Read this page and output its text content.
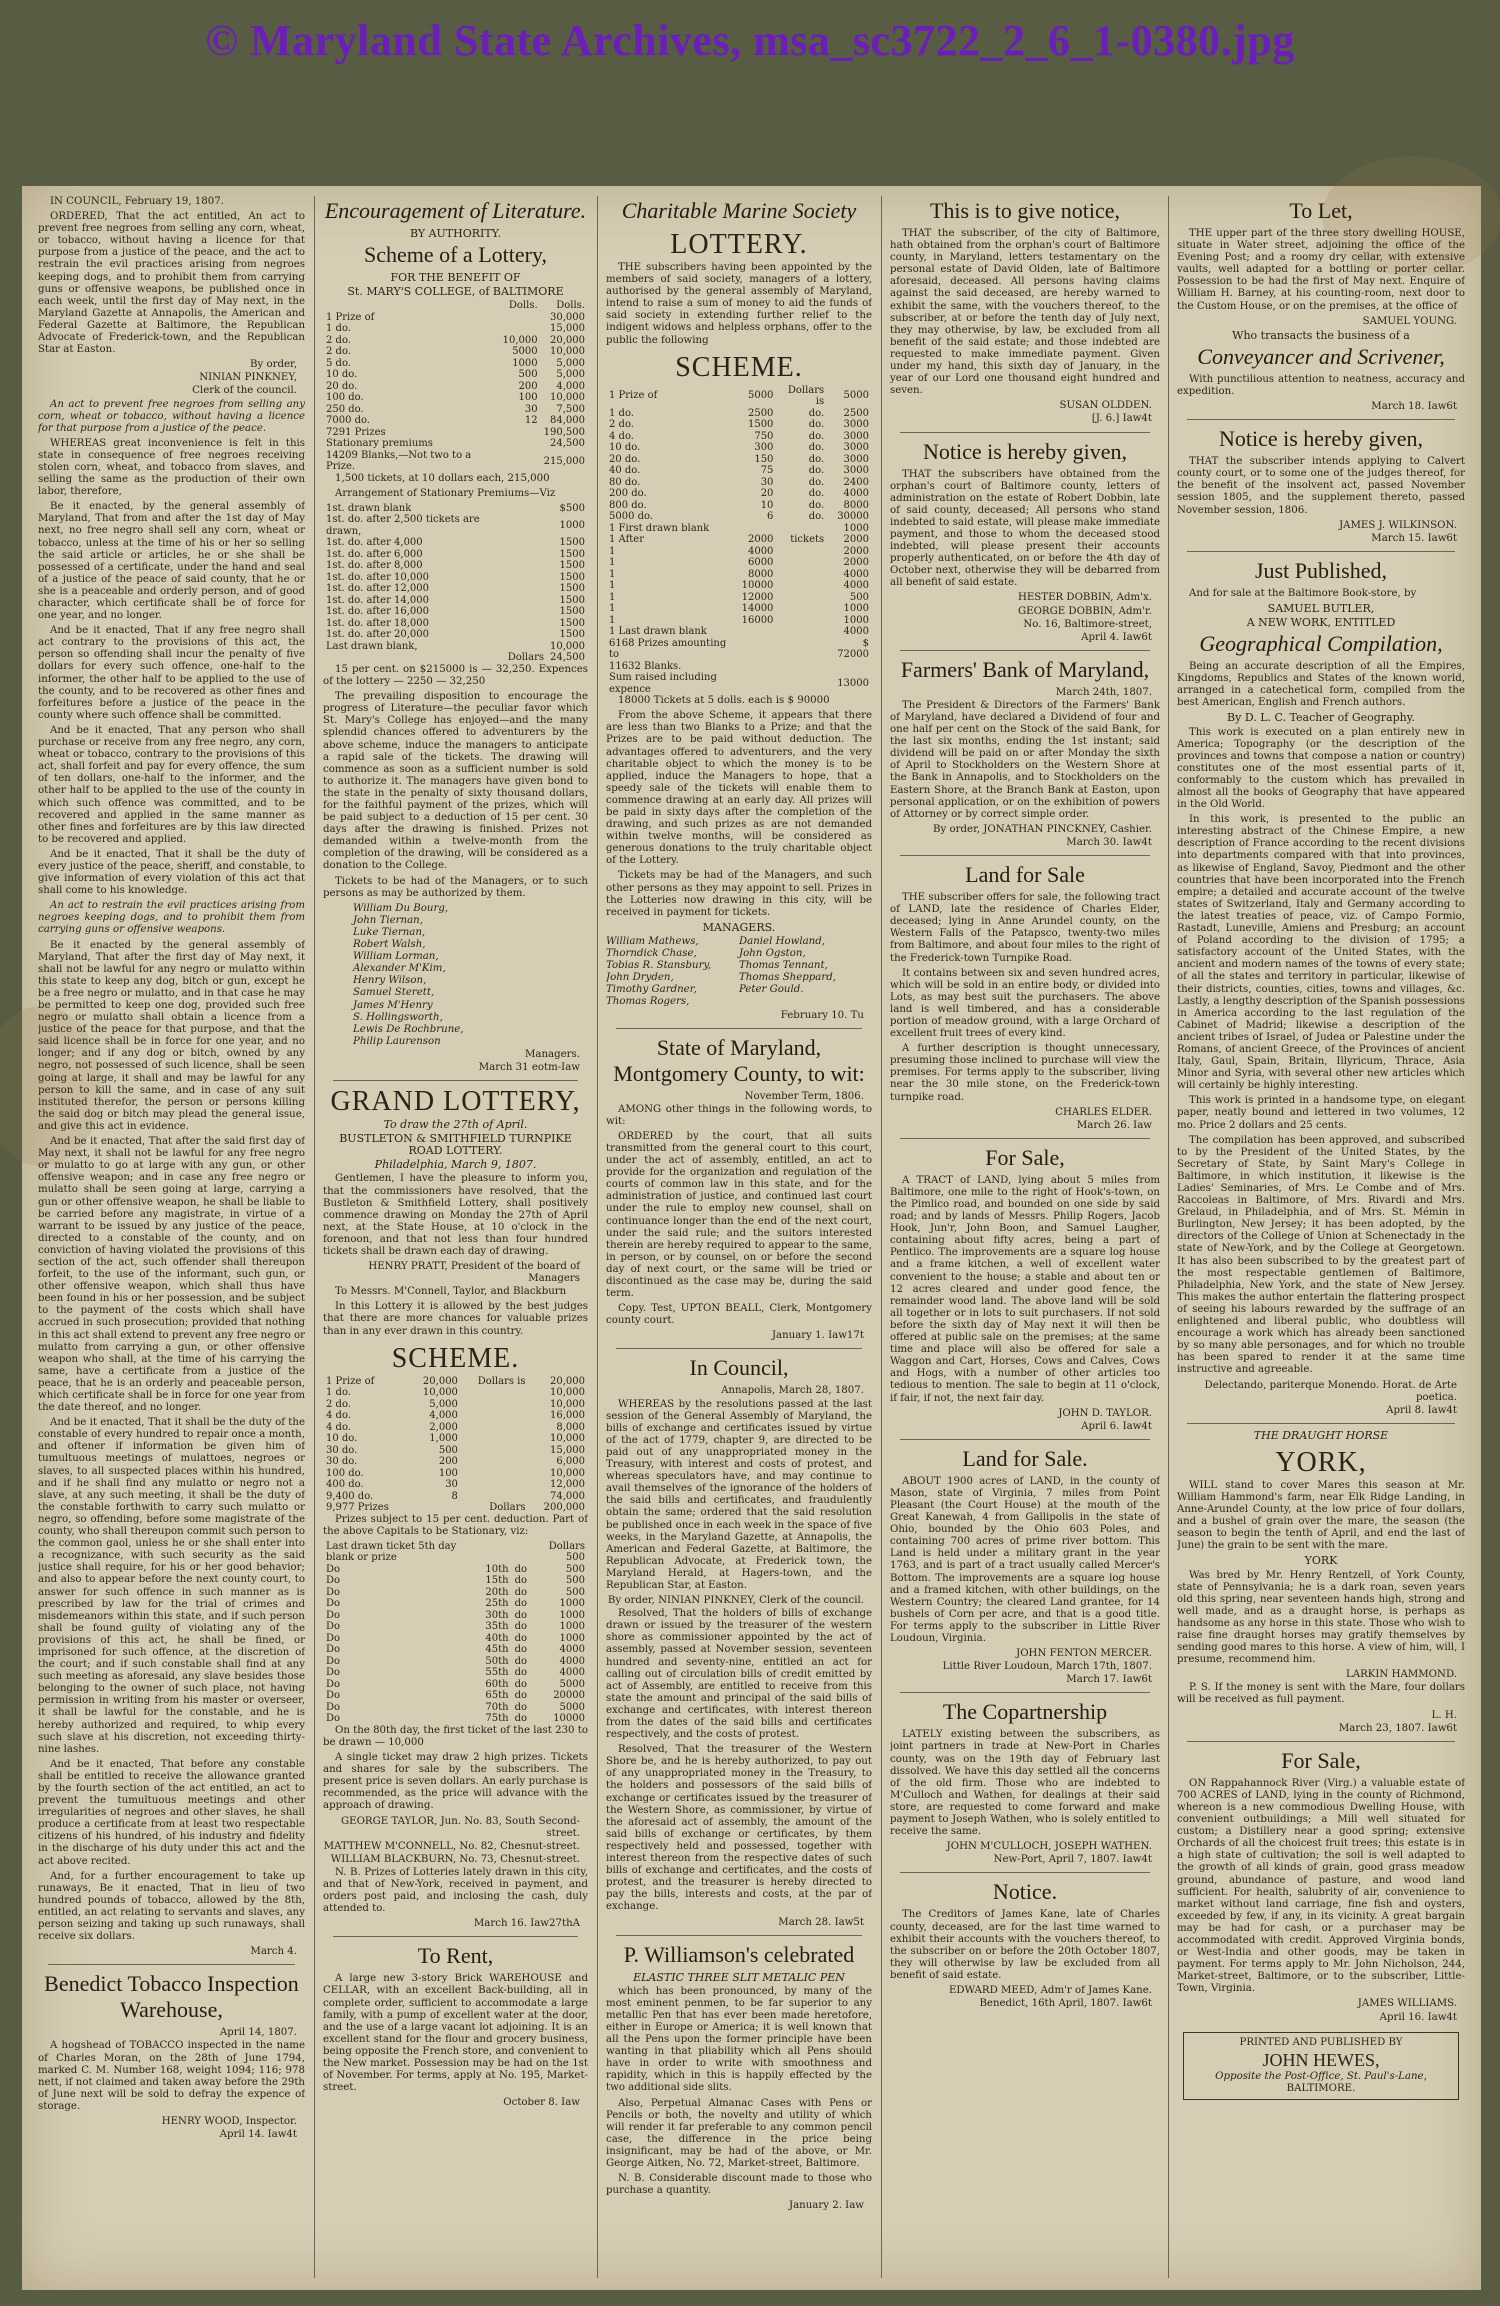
© Maryland State Archives, msa_sc3722_2_6_1-0380.jpg

IN COUNCIL, February 19, 1807.

ORDERED, That the act entitled, An act to prevent free negroes from selling any corn, wheat, or tobacco, without having a licence for that purpose from a justice of the peace, and the act to restrain the evil practices arising from negroes keeping dogs, and to prohibit them from carrying guns or offensive weapons, be published once in each week, until the first day of May next, in the Maryland Gazette at Annapolis, the American and Federal Gazette at Baltimore, the Republican Advocate of Frederick-town, and the Republican Star at Easton.

By order,
NINIAN PINKNEY,
Clerk of the council.

An act to prevent free negroes from selling any corn, wheat or tobacco, without having a licence for that purpose from a justice of the peace.

WHEREAS great inconvenience is felt in this state in consequence of free negroes receiving stolen corn, wheat, and tobacco from slaves, and selling the same as the production of their own labor, therefore,

Be it enacted, by the general assembly of Maryland, That from and after the 1st day of May next, no free negro shall sell any corn, wheat or tobacco, unless at the time of his or her so selling the said article or articles, he or she shall be possessed of a certificate, under the hand and seal of a justice of the peace of said county, that he or she is a peaceable and orderly person, and of good character, which certificate shall be of force for one year, and no longer.

And be it enacted, That if any free negro shall act contrary to the provisions of this act, the person so offending shall incur the penalty of five dollars for every such offence, one-half to the informer, the other half to be applied to the use of the county, and to be recovered as other fines and forfeitures before a justice of the peace in the county where such offence shall be committed.

And be it enacted, That any person who shall purchase or receive from any free negro, any corn, wheat or tobacco, contrary to the provisions of this act, shall forfeit and pay for every offence, the sum of ten dollars, one-half to the informer, and the other half to be applied to the use of the county in which such offence was committed, and to be recovered and applied in the same manner as other fines and forfeitures are by this law directed to be recovered and applied.

And be it enacted, That it shall be the duty of every justice of the peace, sheriff, and constable, to give information of every violation of this act that shall come to his knowledge.

An act to restrain the evil practices arising from negroes keeping dogs, and to prohibit them from carrying guns or offensive weapons.

Be it enacted by the general assembly of Maryland, That after the first day of May next, it shall not be lawful for any negro or mulatto within this state to keep any dog, bitch or gun, except he be a free negro or mulatto, and in that case he may be permitted to keep one dog, provided such free negro or mulatto shall obtain a licence from a justice of the peace for that purpose, and that the said licence shall be in force for one year, and no longer; and if any dog or bitch, owned by any negro, not possessed of such licence, shall be seen going at large, it shall and may be lawful for any person to kill the same, and in case of any suit instituted therefor, the person or persons killing the said dog or bitch may plead the general issue, and give this act in evidence.

And be it enacted, That after the said first day of May next, it shall not be lawful for any free negro or mulatto to go at large with any gun, or other offensive weapon; and in case any free negro or mulatto shall be seen going at large, carrying a gun or other offensive weapon, he shall be liable to be carried before any magistrate, in virtue of a warrant to be issued by any justice of the peace, directed to a constable of the county, and on conviction of having violated the provisions of this section of the act, such offender shall thereupon forfeit, to the use of the informant, such gun, or other offensive weapon, which shall thus have been found in his or her possession, and be subject to the payment of the costs which shall have accrued in such prosecution; provided that nothing in this act shall extend to prevent any free negro or mulatto from carrying a gun, or other offensive weapon who shall, at the time of his carrying the same, have a certificate from a justice of the peace, that he is an orderly and peaceable person, which certificate shall be in force for one year from the date thereof, and no longer.

And be it enacted, That it shall be the duty of the constable of every hundred to repair once a month, and oftener if information be given him of tumultuous meetings of mulattoes, negroes or slaves, to all suspected places within his hundred, and if he shall find any mulatto or negro not a slave, at any such meeting, it shall be the duty of the constable forthwith to carry such mulatto or negro, so offending, before some magistrate of the county, who shall thereupon commit such person to the common gaol, unless he or she shall enter into a recognizance, with such security as the said justice shall require, for his or her good behavior; and also to appear before the next county court, to answer for such offence in such manner as is prescribed by law for the trial of crimes and misdemeanors within this state, and if such person shall be found guilty of violating any of the provisions of this act, he shall be fined, or imprisoned for such offence, at the discretion of the court; and if such constable shall find at any such meeting as aforesaid, any slave besides those belonging to the owner of such place, not having permission in writing from his master or overseer, it shall be lawful for the constable, and he is hereby authorized and required, to whip every such slave at his discretion, not exceeding thirty-nine lashes.

And be it enacted, That before any constable shall be entitled to receive the allowance granted by the fourth section of the act entitled, an act to prevent the tumultuous meetings and other irregularities of negroes and other slaves, he shall produce a certificate from at least two respectable citizens of his hundred, of his industry and fidelity in the discharge of his duty under this act and the act above recited.

And, for a further encouragement to take up runaways, Be it enacted, That in lieu of two hundred pounds of tobacco, allowed by the 8th, entitled, an act relating to servants and slaves, any person seizing and taking up such runaways, shall receive six dollars.

March 4.
Benedict Tobacco Inspection Warehouse,
April 14, 1807.

A hogshead of TOBACCO inspected in the name of Charles Moran, on the 28th of June 1794, marked C. M. Number 168, weight 1094; 116; 978 nett, if not claimed and taken away before the 29th of June next will be sold to defray the expence of storage.

HENRY WOOD, Inspector.
April 14. Iaw4t
Encouragement of Literature.
BY AUTHORITY.
Scheme of a Lottery,
FOR THE BENEFIT OF
St. MARY'S COLLEGE, of BALTIMORE
		Dolls.	Dolls.
1 Prize of			30,000
1 do.			15,000
2 do.		10,000	20,000
2 do.		5000	10,000
5 do.		1000	5,000
10 do.		500	5,000
20 do.		200	4,000
100 do.		100	10,000
250 do.		30	7,500
7000 do.		12	84,000
7291 Prizes			190,500
Stationary premiums			24,500
14209 Blanks,—Not two to a Prize.			215,000

1,500 tickets, at 10 dollars each, 215,000

Arrangement of Stationary Premiums—Viz

1st. drawn blank			$500
1st. do. after 2,500 tickets are drawn,			1000
1st. do. after 4,000			1500
1st. do. after 6,000			1500
1st. do. after 8,000			1500
1st. do. after 10,000			1500
1st. do. after 12,000			1500
1st. do. after 14,000			1500
1st. do. after 16,000			1500
1st. do. after 18,000			1500
1st. do. after 20,000			1500
Last drawn blank,			10,000
		Dollars	24,500

15 per cent. on $215000 is — 32,250. Expences of the lottery — 2250 — 32,250

The prevailing disposition to encourage the progress of Literature—the peculiar favor which St. Mary's College has enjoyed—and the many splendid chances offered to adventurers by the above scheme, induce the managers to anticipate a rapid sale of the tickets. The drawing will commence as soon as a sufficient number is sold to authorize it. The managers have given bond to the state in the penalty of sixty thousand dollars, for the faithful payment of the prizes, which will be paid subject to a deduction of 15 per cent. 30 days after the drawing is finished. Prizes not demanded within a twelve-month from the completion of the drawing, will be considered as a donation to the College.

Tickets to be had of the Managers, or to such persons as may be authorized by them.

William Du Bourg,
John Tiernan,
Luke Tiernan,
Robert Walsh,
William Lorman,
Alexander M'Kim,
Henry Wilson,
Samuel Sterett,
James M'Henry
S. Hollingsworth,
Lewis De Rochbrune,
Philip Laurenson
Managers.
March 31 eotm-Iaw
GRAND LOTTERY,
To draw the 27th of April.
BUSTLETON & SMITHFIELD TURNPIKE ROAD LOTTERY.
Philadelphia, March 9, 1807.

Gentlemen, I have the pleasure to inform you, that the commissioners have resolved, that the Bustleton & Smithfield Lottery, shall positively commence drawing on Monday the 27th of April next, at the State House, at 10 o'clock in the forenoon, and that not less than four hundred tickets shall be drawn each day of drawing.

HENRY PRATT, President of the board of Managers

To Messrs. M'Connell, Taylor, and Blackburn

In this Lottery it is allowed by the best judges that there are more chances for valuable prizes than in any ever drawn in this country.

SCHEME.
1 Prize of	20,000	Dollars is	20,000
1 do.	10,000		10,000
2 do.	5,000		10,000
4 do.	4,000		16,000
4 do.	2,000		8,000
10 do.	1,000		10,000
30 do.	500		15,000
30 do.	200		6,000
100 do.	100		10,000
400 do.	30		12,000
9,400 do.	8		74,000
9,977 Prizes		Dollars	200,000

Prizes subject to 15 per cent. deduction. Part of the above Capitals to be Stationary, viz:

Last drawn ticket 5th day blank or prize			Dollars 500
Do	10th	do	500
Do	15th	do	500
Do	20th	do	500
Do	25th	do	1000
Do	30th	do	1000
Do	35th	do	1000
Do	40th	do	1000
Do	45th	do	4000
Do	50th	do	4000
Do	55th	do	4000
Do	60th	do	5000
Do	65th	do	20000
Do	70th	do	5000
Do	75th	do	10000

On the 80th day, the first ticket of the last 230 to be drawn — 10,000

A single ticket may draw 2 high prizes. Tickets and shares for sale by the subscribers. The present price is seven dollars. An early purchase is recommended, as the price will advance with the approach of drawing.

GEORGE TAYLOR, Jun. No. 83, South Second-street.
MATTHEW M'CONNELL, No. 82, Chesnut-street.
WILLIAM BLACKBURN, No. 73, Chesnut-street.

N. B. Prizes of Lotteries lately drawn in this city, and that of New-York, received in payment, and orders post paid, and inclosing the cash, duly attended to.

March 16. Iaw27thA
To Rent,

A large new 3-story Brick WAREHOUSE and CELLAR, with an excellent Back-building, all in complete order, sufficient to accommodate a large family, with a pump of excellent water at the door, and the use of a large vacant lot adjoining. It is an excellent stand for the flour and grocery business, being opposite the French store, and convenient to the New market. Possession may be had on the 1st of November. For terms, apply at No. 195, Market-street.

October 8. Iaw
Charitable Marine Society
LOTTERY.

THE subscribers having been appointed by the members of said society, managers of a lottery, authorised by the general assembly of Maryland, intend to raise a sum of money to aid the funds of said society in extending further relief to the indigent widows and helpless orphans, offer to the public the following

SCHEME.
1 Prize of	5000	Dollars is	5000
1 do.	2500	do.	2500
2 do.	1500	do.	3000
4 do.	750	do.	3000
10 do.	300	do.	3000
20 do.	150	do.	3000
40 do.	75	do.	3000
80 do.	30	do.	2400
200 do.	20	do.	4000
800 do.	10	do.	8000
5000 do.	6	do.	30000
1 First drawn blank			1000
1 After	2000	tickets	2000
1	4000		2000
1	6000		2000
1	8000		4000
1	10000		4000
1	12000		500
1	14000		1000
1	16000		1000
1 Last drawn blank			4000
6168 Prizes amounting to			$ 72000
11632 Blanks.			
Sum raised including expence			13000

18000 Tickets at 5 dolls. each is $ 90000

From the above Scheme, it appears that there are less than two Blanks to a Prize; and that the Prizes are to be paid without deduction. The advantages offered to adventurers, and the very charitable object to which the money is to be applied, induce the Managers to hope, that a speedy sale of the tickets will enable them to commence drawing at an early day. All prizes will be paid in sixty days after the completion of the drawing, and such prizes as are not demanded within twelve months, will be considered as generous donations to the truly charitable object of the Lottery.

Tickets may be had of the Managers, and such other persons as they may appoint to sell. Prizes in the Lotteries now drawing in this city, will be received in payment for tickets.

MANAGERS.
William Mathews,	Daniel Howland,
Thorndick Chase,	John Ogston,
Tobias R. Stansbury,	Thomas Tennant,
John Dryden,	Thomas Sheppard,
Timothy Gardner,	Peter Gould.
Thomas Rogers,
February 10. Tu
State of Maryland, Montgomery County, to wit:
November Term, 1806.

AMONG other things in the following words, to wit:

ORDERED by the court, that all suits transmitted from the general court to this court, under the act of assembly, entitled, an act to provide for the organization and regulation of the courts of common law in this state, and for the administration of justice, and continued last court under the rule to employ new counsel, shall on continuance longer than the end of the next court, under the said rule; and the suitors interested therein are hereby required to appear to the same, in person, or by counsel, on or before the second day of next court, or the same will be tried or discontinued as the case may be, during the said term.

Copy. Test, UPTON BEALL, Clerk, Montgomery county court.

January 1. Iaw17t
In Council,
Annapolis, March 28, 1807.

WHEREAS by the resolutions passed at the last session of the General Assembly of Maryland, the bills of exchange and certificates issued by virtue of the act of 1779, chapter 9, are directed to be paid out of any unappropriated money in the Treasury, with interest and costs of protest, and whereas speculators have, and may continue to avail themselves of the ignorance of the holders of the said bills and certificates, and fraudulently obtain the same; ordered that the said resolution be published once in each week in the space of five weeks, in the Maryland Gazette, at Annapolis, the American and Federal Gazette, at Baltimore, the Republican Advocate, at Frederick town, the Maryland Herald, at Hagers-town, and the Republican Star, at Easton.

By order, NINIAN PINKNEY, Clerk of the council.

Resolved, That the holders of bills of exchange drawn or issued by the treasurer of the western shore as commissioner appointed by the act of assembly, passed at November session, seventeen hundred and seventy-nine, entitled an act for calling out of circulation bills of credit emitted by act of Assembly, are entitled to receive from this state the amount and principal of the said bills of exchange and certificates, with interest thereon from the dates of the said bills and certificates respectively, and the costs of protest.

Resolved, That the treasurer of the Western Shore be, and he is hereby authorized, to pay out of any unappropriated money in the Treasury, to the holders and possessors of the said bills of exchange or certificates issued by the treasurer of the Western Shore, as commissioner, by virtue of the aforesaid act of assembly, the amount of the said bills of exchange or certificates, by them respectively held and possessed, together with interest thereon from the respective dates of such bills of exchange and certificates, and the costs of protest, and the treasurer is hereby directed to pay the bills, interests and costs, at the par of exchange.

March 28. Iaw5t
P. Williamson's celebrated
ELASTIC THREE SLIT METALIC PEN

which has been pronounced, by many of the most eminent penmen, to be far superior to any metallic Pen that has ever been made heretofore, either in Europe or America; it is well known that all the Pens upon the former principle have been wanting in that pliability which all Pens should have in order to write with smoothness and rapidity, which in this is happily effected by the two additional side slits.

Also, Perpetual Almanac Cases with Pens or Pencils or both, the novelty and utility of which will render it far preferable to any common pencil case, the difference in the price being insignificant, may be had of the above, or Mr. George Aitken, No. 72, Market-street, Baltimore.

N. B. Considerable discount made to those who purchase a quantity.

January 2. Iaw
This is to give notice,

THAT the subscriber, of the city of Baltimore, hath obtained from the orphan's court of Baltimore county, in Maryland, letters testamentary on the personal estate of David Olden, late of Baltimore aforesaid, deceased. All persons having claims against the said deceased, are hereby warned to exhibit the same, with the vouchers thereof, to the subscriber, at or before the tenth day of July next, they may otherwise, by law, be excluded from all benefit of the said estate; and those indebted are requested to make immediate payment. Given under my hand, this sixth day of January, in the year of our Lord one thousand eight hundred and seven.

SUSAN OLDDEN.
[J. 6.] Iaw4t
Notice is hereby given,

THAT the subscribers have obtained from the orphan's court of Baltimore county, letters of administration on the estate of Robert Dobbin, late of said county, deceased; All persons who stand indebted to said estate, will please make immediate payment, and those to whom the deceased stood indebted, will please present their accounts properly authenticated, on or before the 4th day of October next, otherwise they will be debarred from all benefit of said estate.

HESTER DOBBIN, Adm'x.
GEORGE DOBBIN, Adm'r.
No. 16, Baltimore-street,
April 4. Iaw6t
Farmers' Bank of Maryland,
March 24th, 1807.

The President & Directors of the Farmers' Bank of Maryland, have declared a Dividend of four and one half per cent on the Stock of the said Bank, for the last six months, ending the 1st instant; said dividend will be paid on or after Monday the sixth of April to Stockholders on the Western Shore at the Bank in Annapolis, and to Stockholders on the Eastern Shore, at the Branch Bank at Easton, upon personal application, or on the exhibition of powers of Attorney or by correct simple order.

By order, JONATHAN PINCKNEY, Cashier.
March 30. Iaw4t
Land for Sale

THE subscriber offers for sale, the following tract of LAND, late the residence of Charles Elder, deceased; lying in Anne Arundel county, on the Western Falls of the Patapsco, twenty-two miles from Baltimore, and about four miles to the right of the Frederick-town Turnpike Road.

It contains between six and seven hundred acres, which will be sold in an entire body, or divided into Lots, as may best suit the purchasers. The above land is well timbered, and has a considerable portion of meadow ground, with a large Orchard of excellent fruit trees of every kind.

A further description is thought unnecessary, presuming those inclined to purchase will view the premises. For terms apply to the subscriber, living near the 30 mile stone, on the Frederick-town turnpike road.

CHARLES ELDER.
March 26. Iaw
For Sale,

A TRACT of LAND, lying about 5 miles from Baltimore, one mile to the right of Hook's-town, on the Pimlico road, and bounded on one side by said road; and by lands of Messrs. Philip Rogers, Jacob Hook, Jun'r, John Boon, and Samuel Laugher, containing about fifty acres, being a part of Pentlico. The improvements are a square log house and a frame kitchen, a well of excellent water convenient to the house; a stable and about ten or 12 acres cleared and under good fence, the remainder wood land. The above land will be sold all together or in lots to suit purchasers. If not sold before the sixth day of May next it will then be offered at public sale on the premises; at the same time and place will also be offered for sale a Waggon and Cart, Horses, Cows and Calves, Cows and Hogs, with a number of other articles too tedious to mention. The sale to begin at 11 o'clock, if fair, if not, the next fair day.

JOHN D. TAYLOR.
April 6. Iaw4t
Land for Sale.

ABOUT 1900 acres of LAND, in the county of Mason, state of Virginia, 7 miles from Point Pleasant (the Court House) at the mouth of the Great Kanewah, 4 from Gallipolis in the state of Ohio, bounded by the Ohio 603 Poles, and containing 700 acres of prime river bottom. This Land is held under a military grant in the year 1763, and is part of a tract usually called Mercer's Bottom. The improvements are a square log house and a framed kitchen, with other buildings, on the Western Country; the cleared Land grantee, for 14 bushels of Corn per acre, and that is a good title. For terms apply to the subscriber in Little River Loudoun, Virginia.

JOHN FENTON MERCER.
Little River Loudoun, March 17th, 1807.
March 17. Iaw6t
The Copartnership

LATELY existing between the subscribers, as joint partners in trade at New-Port in Charles county, was on the 19th day of February last dissolved. We have this day settled all the concerns of the old firm. Those who are indebted to M'Culloch and Wathen, for dealings at their said store, are requested to come forward and make payment to Joseph Wathen, who is solely entitled to receive the same.

JOHN M'CULLOCH, JOSEPH WATHEN.
New-Port, April 7, 1807. Iaw4t
Notice.

The Creditors of James Kane, late of Charles county, deceased, are for the last time warned to exhibit their accounts with the vouchers thereof, to the subscriber on or before the 20th October 1807, they will otherwise by law be excluded from all benefit of said estate.

EDWARD MEED, Adm'r of James Kane.
Benedict, 16th April, 1807. Iaw6t
To Let,

THE upper part of the three story dwelling HOUSE, situate in Water street, adjoining the office of the Evening Post; and a roomy dry cellar, with extensive vaults, well adapted for a bottling or porter cellar. Possession to be had the first of May next. Enquire of William H. Barney, at his counting-room, next door to the Custom House, or on the premises, at the office of

SAMUEL YOUNG.
Who transacts the business of a
Conveyancer and Scrivener,

With punctilious attention to neatness, accuracy and expedition.

March 18. Iaw6t
Notice is hereby given,

THAT the subscriber intends applying to Calvert county court, or to some one of the judges thereof, for the benefit of the insolvent act, passed November session 1805, and the supplement thereto, passed November session, 1806.

JAMES J. WILKINSON.
March 15. Iaw6t
Just Published,

And for sale at the Baltimore Book-store, by

SAMUEL BUTLER,
A NEW WORK, ENTITLED
Geographical Compilation,

Being an accurate description of all the Empires, Kingdoms, Republics and States of the known world, arranged in a catechetical form, compiled from the best American, English and French authors.

By D. L. C. Teacher of Geography.

This work is executed on a plan entirely new in America; Topography (or the description of the provinces and towns that compose a nation or country) constitutes one of the most essential parts of it, conformably to the custom which has prevailed in almost all the books of Geography that have appeared in the Old World.

In this work, is presented to the public an interesting abstract of the Chinese Empire, a new description of France according to the recent divisions into departments compared with that into provinces, as likewise of England, Savoy, Piedmont and the other countries that have been incorporated into the French empire; a detailed and accurate account of the twelve states of Switzerland, Italy and Germany according to the latest treaties of peace, viz. of Campo Formio, Rastadt, Luneville, Amiens and Presburg; an account of Poland according to the division of 1795; a satisfactory account of the United States, with the ancient and modern names of the towns of every state; of all the states and territory in particular, likewise of their districts, counties, cities, towns and villages, &c. Lastly, a lengthy description of the Spanish possessions in America according to the last regulation of the Cabinet of Madrid; likewise a description of the ancient tribes of Israel, of Judea or Palestine under the Romans, of ancient Greece, of the Provinces of ancient Italy, Gaul, Spain, Britain, Illyricum, Thrace, Asia Minor and Syria, with several other new articles which will certainly be highly interesting.

This work is printed in a handsome type, on elegant paper, neatly bound and lettered in two volumes, 12 mo. Price 2 dollars and 25 cents.

The compilation has been approved, and subscribed to by the President of the United States, by the Secretary of State, by Saint Mary's College in Baltimore, in which institution, it likewise is the Ladies' Seminaries, of Mrs. Le Combe and of Mrs. Raccoleas in Baltimore, of Mrs. Rivardi and Mrs. Grelaud, in Philadelphia, and of Mrs. St. Mémin in Burlington, New Jersey; it has been adopted, by the directors of the College of Union at Schenectady in the state of New-York, and by the College at Georgetown. It has also been subscribed to by the greatest part of the most respectable gentlemen of Baltimore, Philadelphia, New York, and the state of New Jersey. This makes the author entertain the flattering prospect of seeing his labours rewarded by the suffrage of an enlightened and liberal public, who doubtless will encourage a work which has already been sanctioned by so many able personages, and for which no trouble has been spared to render it at the same time instructive and agreeable.

Delectando, pariterque Monendo. Horat. de Arte poetica.
April 8. Iaw4t
THE DRAUGHT HORSE
YORK,

WILL stand to cover Mares this season at Mr. William Hammond's farm, near Elk Ridge Landing, in Anne-Arundel County, at the low price of four dollars, and a bushel of grain over the mare, the season (the season to begin the tenth of April, and end the last of June) the grain to be sent with the mare.

YORK

Was bred by Mr. Henry Rentzell, of York County, state of Pennsylvania; he is a dark roan, seven years old this spring, near seventeen hands high, strong and well made, and as a draught horse, is perhaps as handsome as any horse in this state. Those who wish to raise fine draught horses may gratify themselves by sending good mares to this horse. A view of him, will, I presume, recommend him.

LARKIN HAMMOND.

P. S. If the money is sent with the Mare, four dollars will be received as full payment.

L. H.
March 23, 1807. Iaw6t
For Sale,

ON Rappahannock River (Virg.) a valuable estate of 700 ACRES of LAND, lying in the county of Richmond, whereon is a new commodious Dwelling House, with convenient outbuildings; a Mill well situated for custom; a Distillery near a good spring; extensive Orchards of all the choicest fruit trees; this estate is in a high state of cultivation; the soil is well adapted to the growth of all kinds of grain, good grass meadow ground, abundance of pasture, and wood land sufficient. For health, salubrity of air, convenience to market without land carriage, fine fish and oysters, exceeded by few, if any, in its vicinity. A great bargain may be had for cash, or a purchaser may be accommodated with credit. Approved Virginia bonds, or West-India and other goods, may be taken in payment. For terms apply to Mr. John Nicholson, 244, Market-street, Baltimore, or to the subscriber, Little-Town, Virginia.

JAMES WILLIAMS.
April 16. Iaw4t
PRINTED AND PUBLISHED BY
JOHN HEWES,
Opposite the Post-Office, St. Paul's-Lane,
BALTIMORE.
